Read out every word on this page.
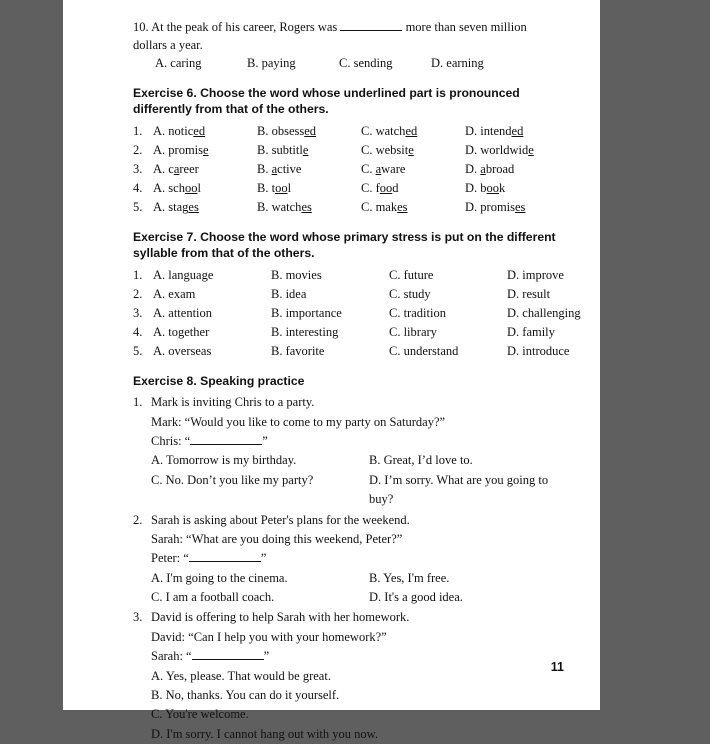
10. At the peak of his career, Rogers was	more than seven million
dollars a year.
A. caring	B. paying	C. sending	D. earning
Exercise 6. Choose the word whose underlined part is pronounced
differently from that of the others.
1. A. noticed	B. obsessed	C. watched	D. intended
2. A. promise	B. subtitle	C. website	D. worldwide
3. A. career	B. active	C. aware	D. abroad
4. A. school	B. tool	C. food	D. book
5. A. stages	B. watches	C. makes	D. promises
Exercise 7. Choose the word whose primary stress is put on the different
syllable from that of the others.
1. A. language	B. movies	C. future	D. improve
2. A. exam	B. idea	C. study	D. result
3. A. attention	B. importance	C. tradition	D. challenging
4. A. together	B. interesting	C. library	D. family
5. A. overseas	B. favorite	C. understand	D. introduce
Exercise 8. Speaking practice
1. Mark is inviting Chris to a party.
Mark: “Would you like to come to my party on Saturday?”
Chris: “	”
A. Tomorrow is my birthday.	B. Great, I’d love to.
C. No. Don’t you like my party?	D. I’m sorry. What are you going to buy?
2. Sarah is asking about Peter's plans for the weekend.
Sarah: “What are you doing this weekend, Peter?”
Peter: “	”
A. I'm going to the cinema.	B. Yes, I'm free.
C. I am a football coach.	D. It's a good idea.
3. David is offering to help Sarah with her homework.
David: “Can I help you with your homework?”
Sarah: “	”
A. Yes, please. That would be great.
B. No, thanks. You can do it yourself.
C. You're welcome.
D. I'm sorry. I cannot hang out with you now.
11
